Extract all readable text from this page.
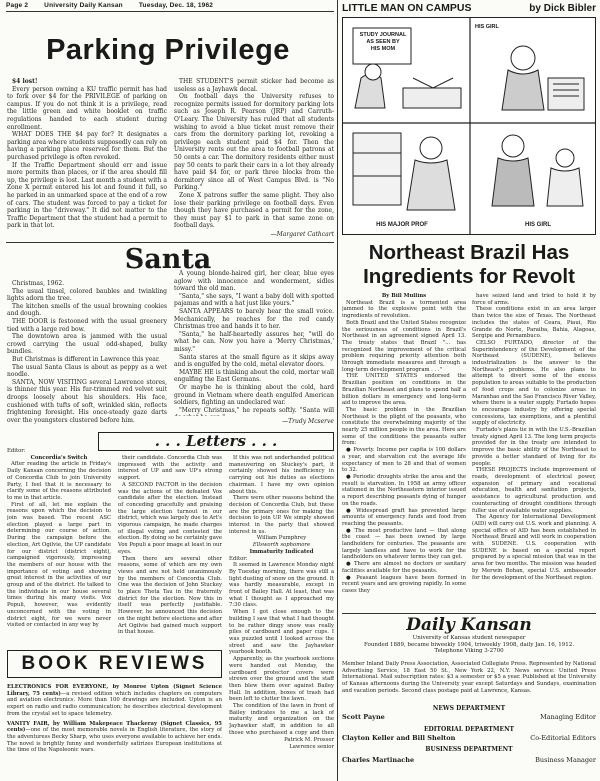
Page 2 University Daily Kansan Tuesday, Dec. 18, 1962
Parking Privilege

$4 lost!

Every person owning a KU traffic permit has had to fork over $4 for the PRIVILEGE of parking on campus. If you do not think it is a privilege, read the little green and white booklet on traffic regulations handed to each student during enrollment.

WHAT DOES THE $4 pay for? It designates a parking area where students supposedly can rely on having a parking place reserved for them. But the purchased privilege is often revoked.

If the Traffic Department should err and issue more permits than places, or if the area should fill up, the privilege is lost. Last month a student with a Zone X permit entered his lot and found it full, so he parked in an unmarked space at the end of a row of cars. The student was forced to pay a ticket for parking in the "driveway." It did not matter to the Traffic Department that the student had a permit to park in that lot.

THE STUDENT'S permit sticker had become as useless as a Jayhawk decal.

On football days the University refuses to recognize permits issued for dormitory parking lots such as Joseph R. Pearson (JRP) and Carruth-O'Leary. The University has ruled that all students wishing to avoid a blue ticket must remove their cars from the dormitory parking lot, revoking a privilege each student paid $4 for. Then the University rents out the area to football patrons at 50 cents a car. The dormitory residents either must pay 50 cents to park their cars in a lot they already have paid $4 for, or park three blocks from the dormitory since all of West Campus Blvd. is "No Parking."

Zone X patrons suffer the same plight. They also lose their parking privilege on football days. Even though they have purchased a permit for the zone, they must pay $1 to park in that same zone on football days.

—Margaret Cathcart
Santa

Christmas, 1962.

The usual tinsel, colored baubles and twinkling lights adorn the tree.

The kitchen smells of the usual browning cookies and dough.

THE DOOR is festooned with the usual greenery tied with a large red bow.

The downtown area is jammed with the usual crowd carrying the usual odd-shaped, bulky bundles.

But Christmas is different in Lawrence this year.

The usual Santa Claus is about as peppy as a wet noodle.

SANTA, NOW VISITING several Lawrence stores, is thinner this year. His fur-trimmed red velvet suit droops loosely about his shoulders. His face, cushioned with tufts of soft, wrinkled skin, reflects frightening foresight. His once-steady gaze darts over the youngsters clustered before him.

A young blonde-haired girl, her clear, blue eyes aglow with innocence and wonderment, sidles toward the old man.

"Santa," she says, "I want a baby doll with spotted pajamas and with a hat just like yours."

SANTA APPEARS to barely hear the small voice. Mechanically, he reaches for the red candy Christmas tree and hands it to her.

"Santa," he half-heartedly assures her, "will do what he can. Now you have a 'Merry Christmas,' missy."

Santa stares at the small figure as it skips away and is engulfed by the cold, metal elevator doors.

MAYBE HE is thinking about the cold, mortar wall engulfing the East Germans.

Or maybe he is thinking about the cold, hard ground in Vietnam where death engulfed American soldiers, fighting an undeclared war.

"Merry Christmas," he repeats softly. "Santa will

—Trudy Mcserve
. . . Letters . . .

Editor:

Concordia's Switch

After reading the article in Friday's Daily Kansan concerning the decision of Concordia Club to join University Party, I feel that it is necessary to clarify some of the reasons attributed to me in that article.

First of all, let me explain the reasons upon which the decision to join was based. The recent ASC election played a large part in determining our course of action. During the campaign before the election, Art Ogilvie, the UP candidate for our district (district eight), campaigned vigorously, impressing the members of our house with the importance of voting and showing great interest in the activities of our group and of the district. He talked to the individuals in our house several times during his many visits. Vox Populi, however, was evidently unconcerned with the voting in district eight, for we were never visited or contacted in any way by

their candidate. Concordia Club was impressed with the activity and interest of UP and saw UP's strong support.

A SECOND FACTOR in the decision was the actions of the defeated Vox candidate after the election. Instead of conceding gracefully and praising the large election turnout in our district, which was largely due to Art's vigorous campaign, he made charges of illegal voting and contested the election. By doing so he certainly gave Vox Populi a poor image at least in our eyes.

Then there are several other reasons, some of which are my own views and are not held unanimously by the members of Concordia Club. One was the decision of John Stuckey to place Theta Tau in the fraternity district for the election. Now this in itself was perfectly justifiable. However, he announced this decision on the night before elections and after Art Ogilvie had gained much support in that house.

If this was not underhanded political maneuvering on Stuckey's part, it certainly showed his inefficiency in carrying out his duties as elections chairman. I have my own opinion about this.

There were other reasons behind the decision of Concordia Club, but these are the primary ones for making the decision to join UP. We simply showed interest in the party that showed interest in us.

William Pumphrey

Ellsworth sophomore

Immaturity Indicated

Editor:

It seemed in Lawrence Monday night By Tuesday morning, there was still a light dusting of snow on the ground. It was hardly measurable, except in front of Bailey Hall. At least, that was what I thought as I approached my 7:30 class.

When I got close enough to the building I saw that what I had thought to be rather dingy snow was really piles of cardboard and paper cups. I was puzzled until I looked across the street and saw the Jayhawker yearbook booth.

Apparently, as the yearbook sections were handed out Monday, the cardboard protector covers were strewn over the ground and the staff then blew them over against Bailey Hall. In addition, boxes of trash had been left to clutter the lawn.

The condition of the lawn in front of Bailey indicates to me a lack of maturity and organization on the Jayhawker staff, in addition to all those who purchased a copy and then

Patrick M. Prosser
Lawrence senior
BOOK REVIEWS

ELECTRONICS FOR EVERYONE, by Monroe Upton (Signet Science Library, 75 cents)—a revised edition which includes chapters on computers and aviation electronics. More than 100 drawings are included. Upton is an expert on radio and radio communication; he describes electrical development from the crystal set to space telemetry.

VANITY FAIR, by William Makepeace Thackeray (Signet Classics, 95 cents)—one of the most memorable novels in English literature, the story of the adventuress Becky Sharp, who uses everyone available to achieve her ends. The novel is brightly funny and wonderfully satirizes European institutions at the time of the Napoleonic wars.

LITTLE MAN ON CAMPUS	by Dick Bibler
STUDY JOURNAL
AS SEEN BY
HIS MOM
HIS GIRL
HIS MAJOR PROF	HIS GIRL
Northeast Brazil Has Ingredients for Revolt

By Bill Mullins

Northeast Brazil is a tormented area jammed to the explosive point with the ingredients of revolution.

Both Brazil and the United States recognize the seriousness of conditions in Brazil's Northeast in an agreement signed April 13. The treaty states that Brazil "... has recognized the improvement of the critical problem requiring priority attention both through immediate measures and through a long-term development program . . ."

THE UNITED STATES endorsed the Brazilian position on conditions in the Brazilian Northeast and plans to spend half a billion dollars in emergency and long-term aid to improve the area.

The basic problem in the Brazilian Northeast is the plight of the peasants, who constitute the overwhelming majority of the nearly 25 million people in the area. Here are some of the conditions the peasants suffer from:

● Poverty. Income per capita is 100 dollars a year, and starvation cut the average life expectancy of men to 28 and that of women to 32.

● Periodic droughts strike the area and the result is starvation. In 1958 an army officer stationed in the Northeastern interior issued a report describing peasants dying of hunger on the roads.

● Widespread graft has prevented large amounts of emergency funds and food from reaching the peasants.

● The most productive land — that along the coast — has been owned by large landholders for centuries. The peasants are largely landless and have to work for the landholders on whatever terms they can get.

● There are almost no doctors or sanitary facilities available for the peasants.

● Peasant leagues have been formed in recent years and are growing rapidly. In some cases they

have seized land and tried to hold it by force of arms.

These conditions exist in an area larger than twice the size of Texas. The Northeast includes the states of Ceara, Piaui, Rio Grande do Norte, Paraiba, Bahia, Alagoas, Sergipe and Pernambuco.

CELSO FURTADO, director of the Superintendency of the Development of the Northeast (SUDENE), believes industrialization is the answer to the Northeast's problems. He also plans to attempt to divert some of the excess population to areas suitable to the production of food crops and to colonize areas in Maranhao and the Sao Francisco River Valley, where there is a water supply. Furtado hopes to encourage industry by offering special concessions, tax exemptions, and a plentiful supply of electricity.

Furtado's plans tie in with the U.S.-Brazilian treaty signed April 13. The long term projects provided for in the treaty are intended to improve the basic ability of the Northeast to provide a better standard of living for its people.

THESE PROJECTS include improvement of roads, development of electrical power, expansion of primary and vocational education, health and sanitation projects, assistance to agricultural production and counteracting of drought conditions through fuller use of available water supplies.

The Agency for International Development (AID) will carry out U.S. work and planning. A special office of AID has been established in Northeast Brazil and will work in cooperation with SUDENE. U.S. cooperation with SUDENE is based on a special report prepared by a special mission that was in the area for two months. The mission was headed by Merwin Bohan, special U.S. ambassador for the development of the Northeast region.

Daily Kansan
University of Kansas student newspaper
Founded 1889, became biweekly 1904, triweekly 1908, daily Jan. 16, 1912.
Telephone Viking 3-2700
Member Inland Daily Press Association, Associated Collegiate Press. Represented by National Advertising Service, 18 East 50 St., New York 22, N.Y. News service: United Press International. Mail subscription rates: $3 a semester or $5 a year. Published at the University of Kansas afternoons during the University year except Saturdays and Sundays, examination and vacation periods. Second class postage paid at Lawrence, Kansas.
NEWS DEPARTMENT
Scott Payne	Managing Editor
EDITORIAL DEPARTMENT
Clayton Keller and Bill Shelton	Co-Editorial Editors
BUSINESS DEPARTMENT
Charles Martinache	Business Manager
